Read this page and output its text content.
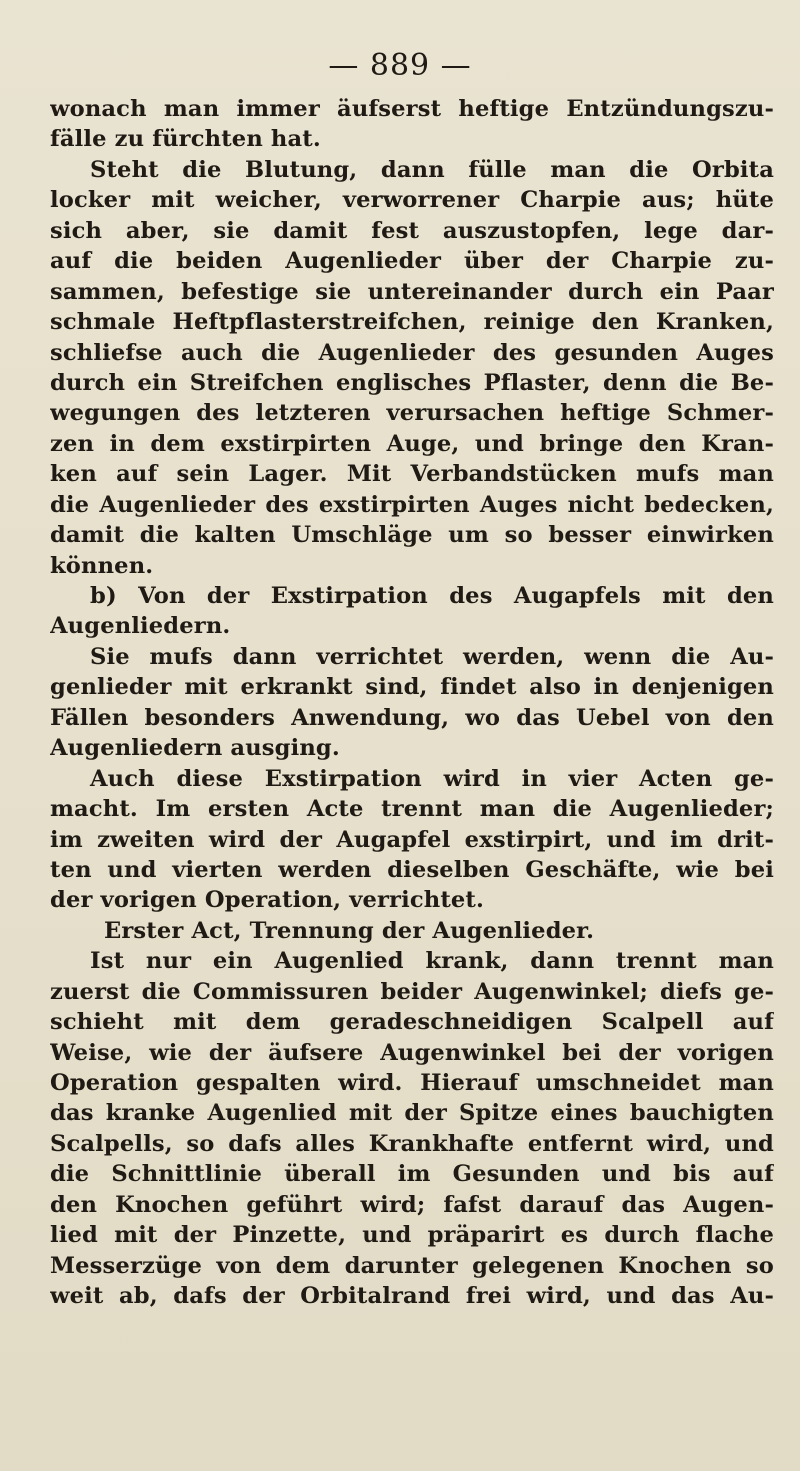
— 889 —
wonach man immer äufserst heftige Entzündungszu-
fälle zu fürchten hat.
Steht die Blutung, dann fülle man die Orbita
locker mit weicher, verworrener Charpie aus; hüte
sich aber, sie damit fest auszustopfen, lege dar-
auf die beiden Augenlieder über der Charpie zu-
sammen, befestige sie untereinander durch ein Paar
schmale Heftpflasterstreifchen, reinige den Kranken,
schliefse auch die Augenlieder des gesunden Auges
durch ein Streifchen englisches Pflaster, denn die Be-
wegungen des letzteren verursachen heftige Schmer-
zen in dem exstirpirten Auge, und bringe den Kran-
ken auf sein Lager. Mit Verbandstücken mufs man
die Augenlieder des exstirpirten Auges nicht bedecken,
damit die kalten Umschläge um so besser einwirken
können.
b) Von der Exstirpation des Augapfels mit den
Augenliedern.
Sie mufs dann verrichtet werden, wenn die Au-
genlieder mit erkrankt sind, findet also in denjenigen
Fällen besonders Anwendung, wo das Uebel von den
Augenliedern ausging.
Auch diese Exstirpation wird in vier Acten ge-
macht. Im ersten Acte trennt man die Augenlieder;
im zweiten wird der Augapfel exstirpirt, und im drit-
ten und vierten werden dieselben Geschäfte, wie bei
der vorigen Operation, verrichtet.
Erster Act, Trennung der Augenlieder.
Ist nur ein Augenlied krank, dann trennt man
zuerst die Commissuren beider Augenwinkel; diefs ge-
schieht mit dem geradeschneidigen Scalpell auf
Weise, wie der äufsere Augenwinkel bei der vorigen
Operation gespalten wird. Hierauf umschneidet man
das kranke Augenlied mit der Spitze eines bauchigten
Scalpells, so dafs alles Krankhafte entfernt wird, und
die Schnittlinie überall im Gesunden und bis auf
den Knochen geführt wird; fafst darauf das Augen-
lied mit der Pinzette, und präparirt es durch flache
Messerzüge von dem darunter gelegenen Knochen so
weit ab, dafs der Orbitalrand frei wird, und das Au-
